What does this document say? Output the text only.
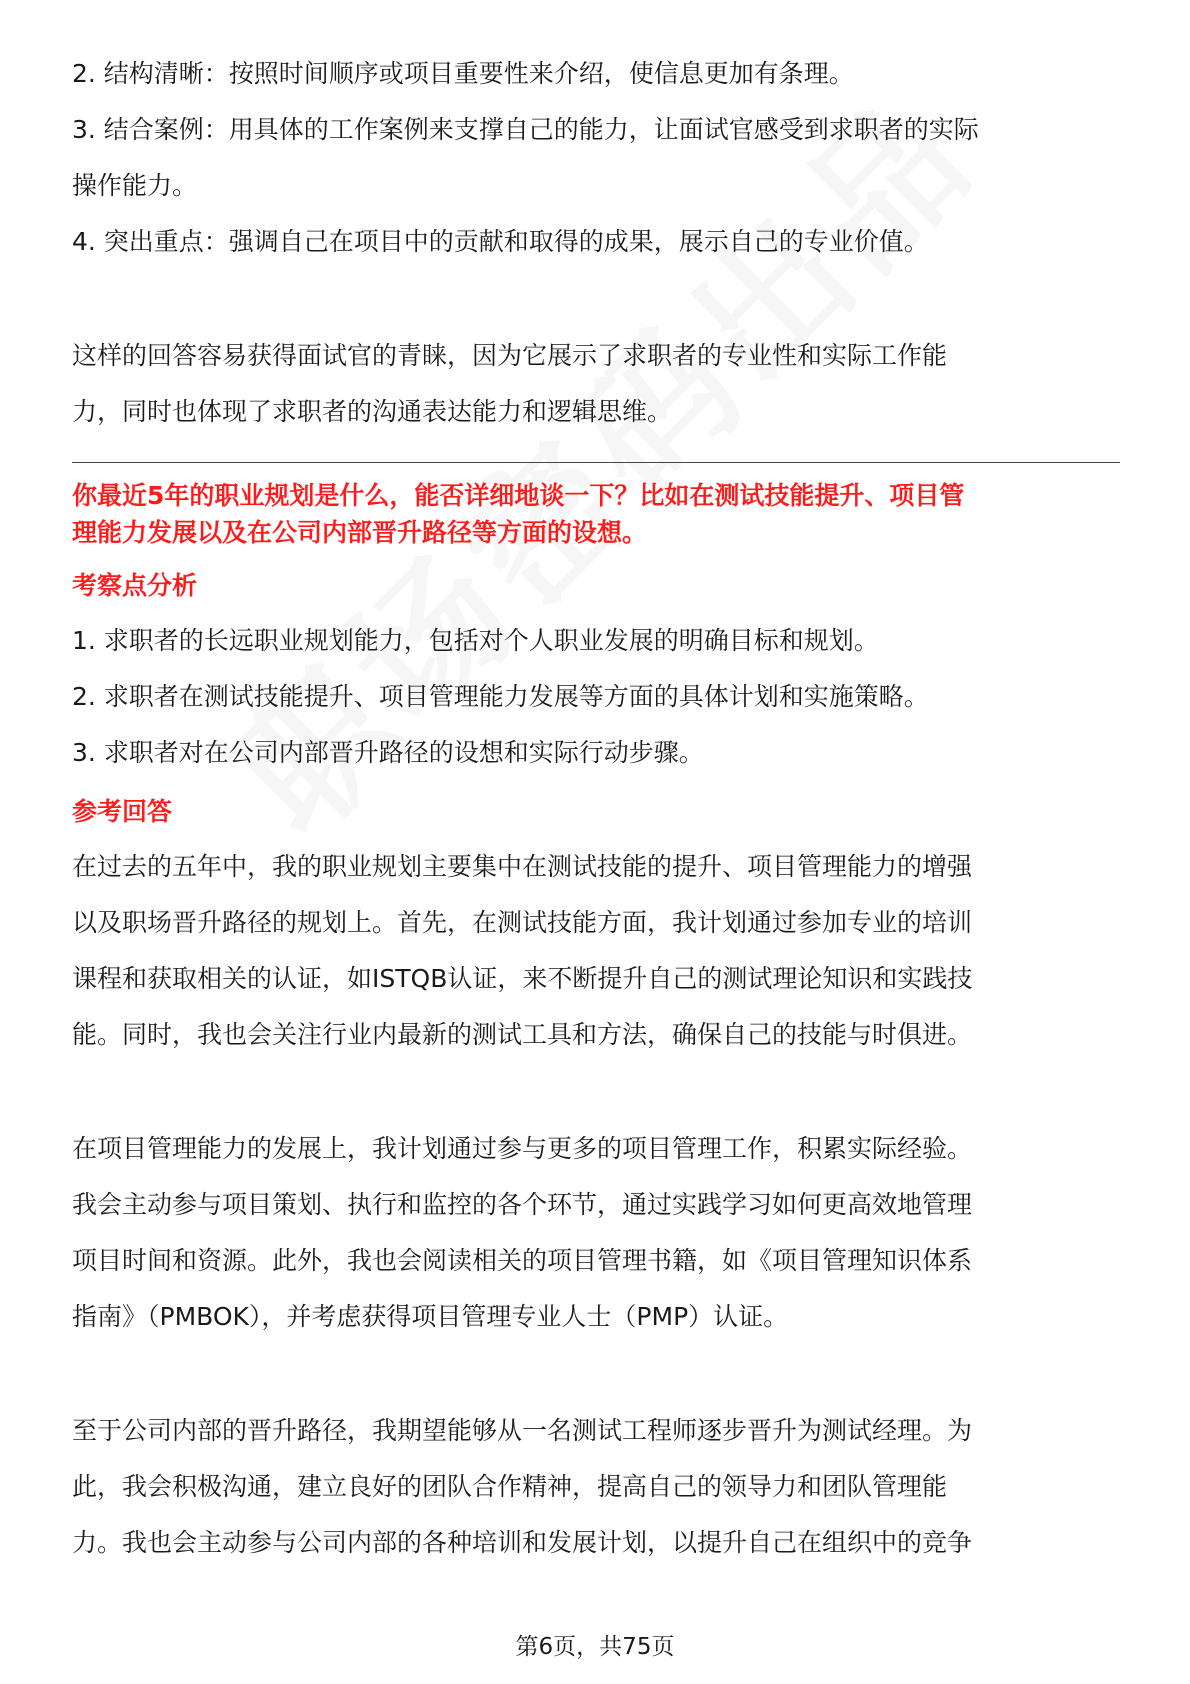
2. 结构清晰：按照时间顺序或项目重要性来介绍，使信息更加有条理。

3. 结合案例：用具体的工作案例来支撑自己的能力，让面试官感受到求职者的实际

操作能力。

4. 突出重点：强调自己在项目中的贡献和取得的成果，展示自己的专业价值。

这样的回答容易获得面试官的青睐，因为它展示了求职者的专业性和实际工作能

力，同时也体现了求职者的沟通表达能力和逻辑思维。

你最近5年的职业规划是什么，能否详细地谈一下？比如在测试技能提升、项目管

理能力发展以及在公司内部晋升路径等方面的设想。

考察点分析

1. 求职者的长远职业规划能力，包括对个人职业发展的明确目标和规划。

2. 求职者在测试技能提升、项目管理能力发展等方面的具体计划和实施策略。

3. 求职者对在公司内部晋升路径的设想和实际行动步骤。

参考回答

在过去的五年中，我的职业规划主要集中在测试技能的提升、项目管理能力的增强

以及职场晋升路径的规划上。首先，在测试技能方面，我计划通过参加专业的培训

课程和获取相关的认证，如ISTQB认证，来不断提升自己的测试理论知识和实践技

能。同时，我也会关注行业内最新的测试工具和方法，确保自己的技能与时俱进。

在项目管理能力的发展上，我计划通过参与更多的项目管理工作，积累实际经验。

我会主动参与项目策划、执行和监控的各个环节，通过实践学习如何更高效地管理

项目时间和资源。此外，我也会阅读相关的项目管理书籍，如《项目管理知识体系

指南》（PMBOK），并考虑获得项目管理专业人士（PMP）认证。

至于公司内部的晋升路径，我期望能够从一名测试工程师逐步晋升为测试经理。为

此，我会积极沟通，建立良好的团队合作精神，提高自己的领导力和团队管理能

力。我也会主动参与公司内部的各种培训和发展计划，以提升自己在组织中的竞争

第6页，共75页
